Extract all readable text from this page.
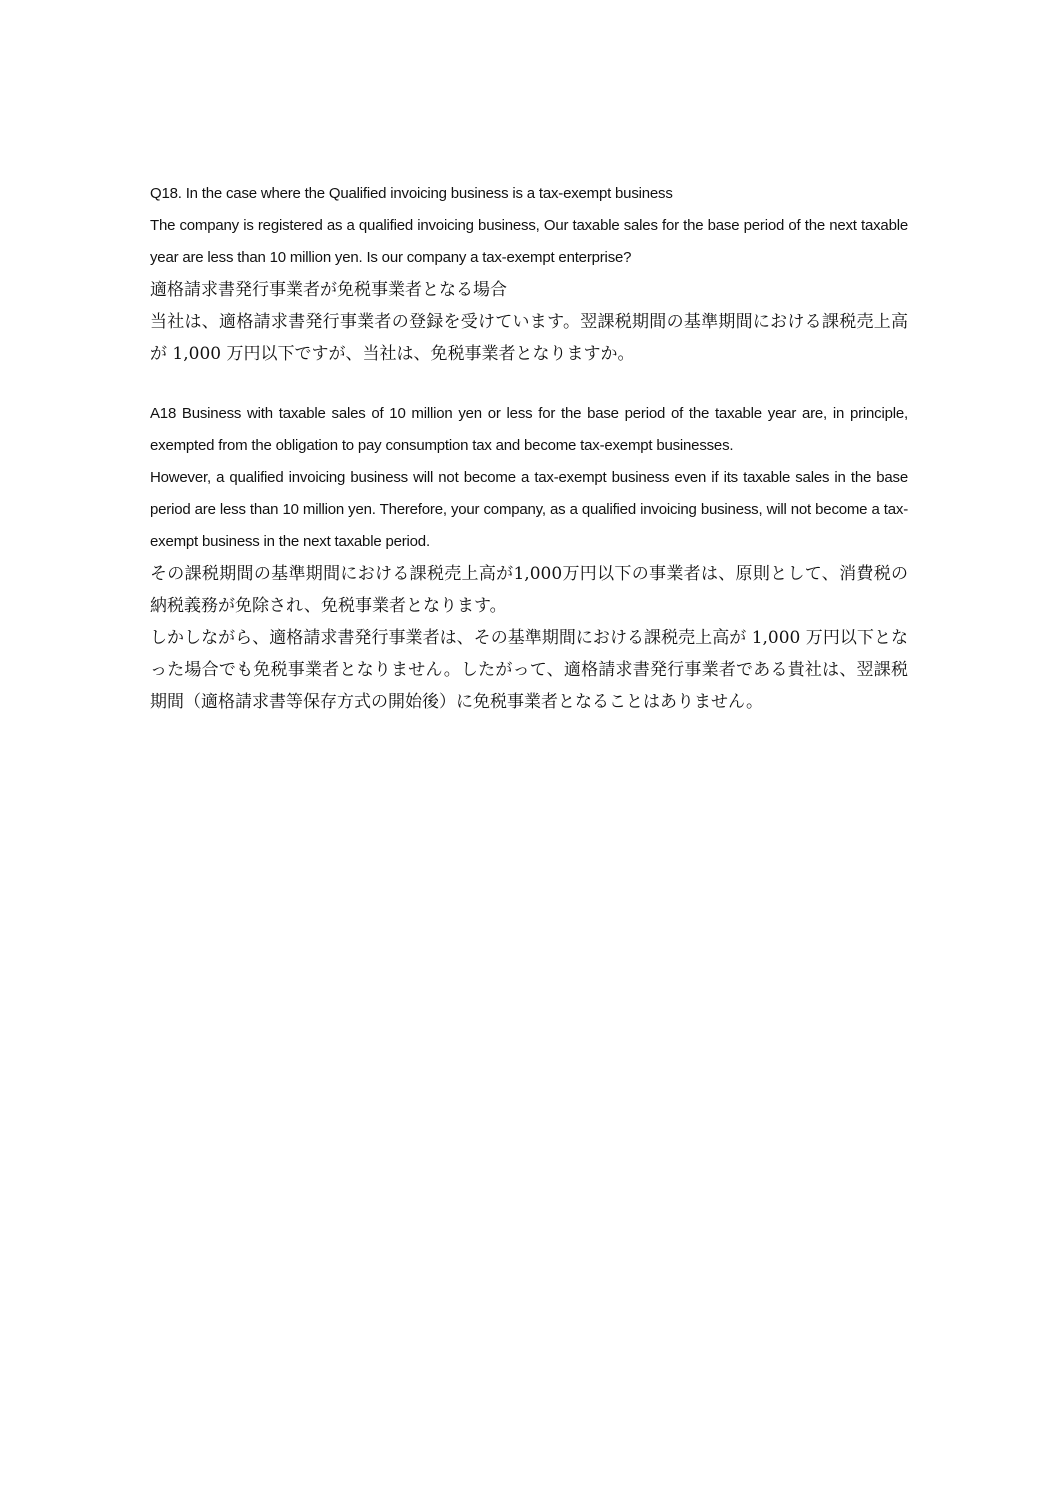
Q18. In the case where the Qualified invoicing business is a tax-exempt business

The company is registered as a qualified invoicing business, Our taxable sales for the base period of the next taxable year are less than 10 million yen. Is our company a tax-exempt enterprise?

適格請求書発行事業者が免税事業者となる場合

当社は、適格請求書発行事業者の登録を受けています。翌課税期間の基準期間における課税売上高が 1,000 万円以下ですが、当社は、免税事業者となりますか。

A18 Business with taxable sales of 10 million yen or less for the base period of the taxable year are, in principle, exempted from the obligation to pay consumption tax and become tax-exempt businesses.

However, a qualified invoicing business will not become a tax-exempt business even if its taxable sales in the base period are less than 10 million yen. Therefore, your company, as a qualified invoicing business, will not become a tax-exempt business in the next taxable period.

その課税期間の基準期間における課税売上高が1,000万円以下の事業者は、原則として、消費税の納税義務が免除され、免税事業者となります。

しかしながら、適格請求書発行事業者は、その基準期間における課税売上高が 1,000 万円以下となった場合でも免税事業者となりません。したがって、適格請求書発行事業者である貴社は、翌課税期間（適格請求書等保存方式の開始後）に免税事業者となることはありません。
